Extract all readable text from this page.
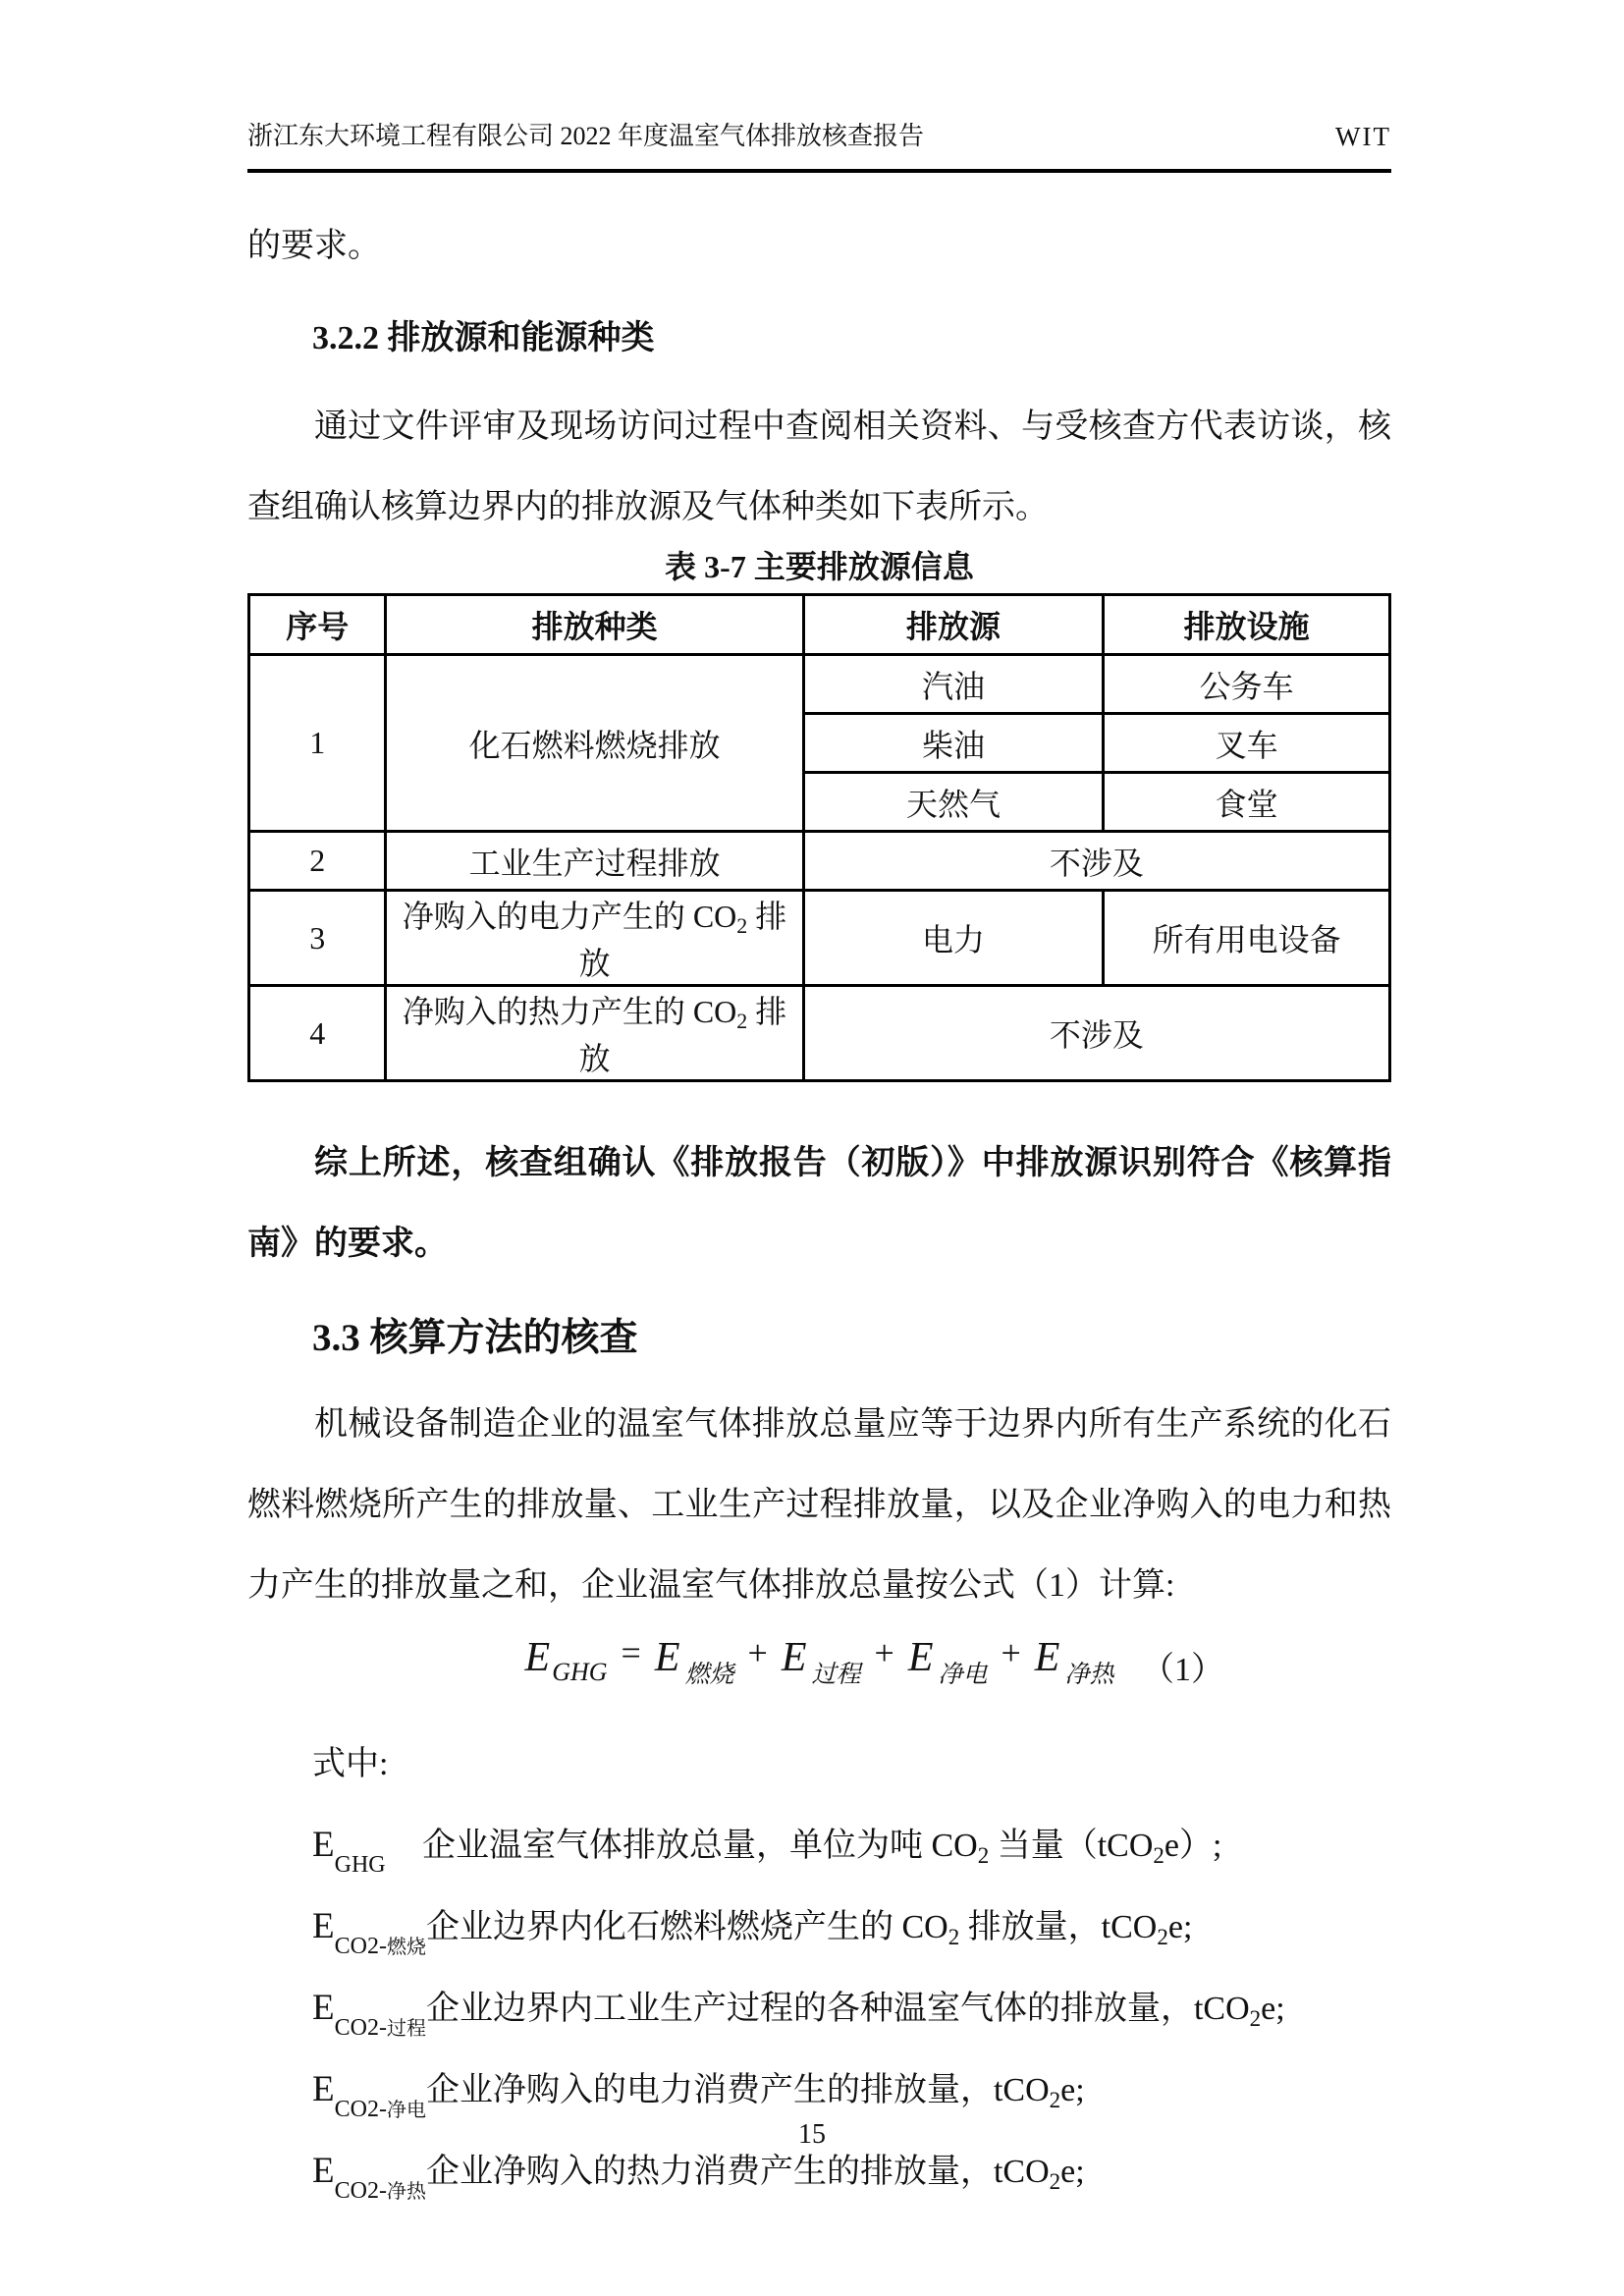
浙江东大环境工程有限公司 2022 年度温室气体排放核查报告	WIT
的要求。
3.2.2 排放源和能源种类
通过文件评审及现场访问过程中查阅相关资料、与受核查方代表访谈，核
查组确认核算边界内的排放源及气体种类如下表所示。
表 3-7 主要排放源信息
序号	排放种类	排放源	排放设施
1	化石燃料燃烧排放	汽油	公务车
		柴油	叉车
		天然气	食堂
2	工业生产过程排放	不涉及	
3	净购入的电力产生的 $CO_2$ 排放	电力	所有用电设备
4	净购入的热力产生的 $CO_2$ 排放	不涉及	
综上所述，核查组确认《排放报告（初版）》中排放源识别符合《核算指
南》的要求。
3.3 核算方法的核查
机械设备制造企业的温室气体排放总量应等于边界内所有生产系统的化石
燃料燃烧所产生的排放量、工业生产过程排放量，以及企业净购入的电力和热
力产生的排放量之和，企业温室气体排放总量按公式（1）计算:
$E_{GHG} = E$ $_{燃烧}$+ E $_{过程}$+ E $_{净电}$+ E $_{净热}$ （1）
式中:
$E_{_{GHG}}$企业温室气体排放总量，单位为吨 $CO_2$ 当量（tCO$_2$e）;
$E_{_{CO2-燃烧}}$企业边界内化石燃料燃烧产生的 $CO_2$ 排放量，tCO$_2$e;
$E_{_{CO2-过程}}$企业边界内工业生产过程的各种温室气体的排放量，tCO$_2$e;
$E_{_{CO2-净电}}$企业净购入的电力消费产生的排放量，tCO$_2$e;
$E_{_{CO2-净热}}$企业净购入的热力消费产生的排放量，tCO$_2$e;
15
